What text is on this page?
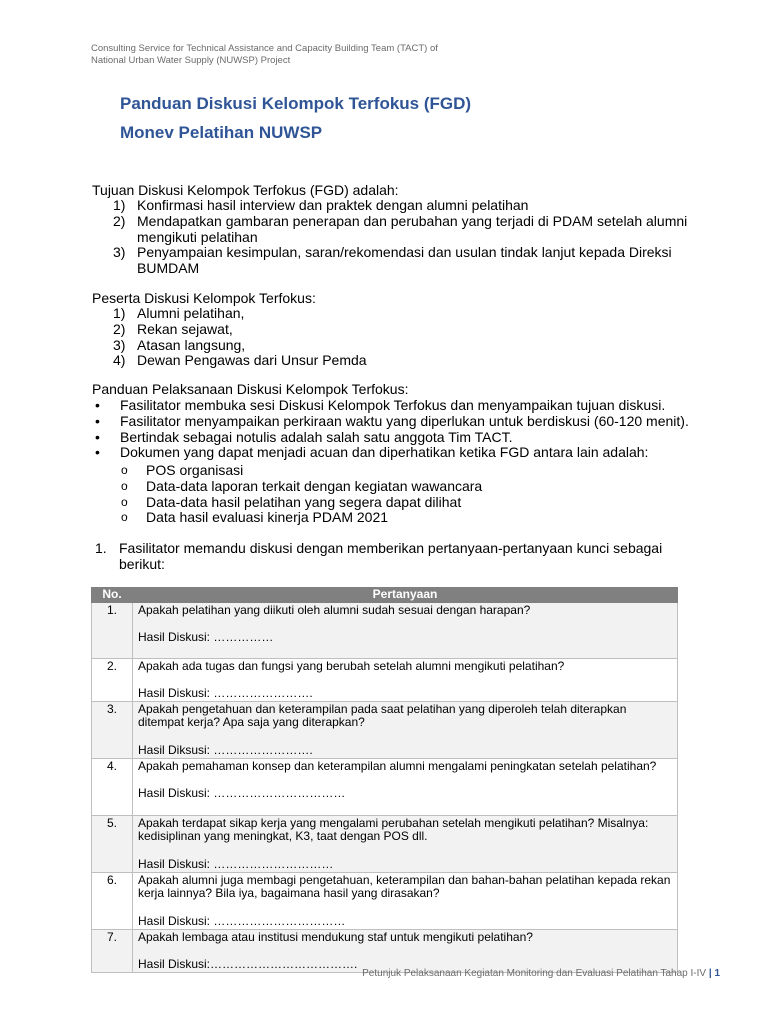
Consulting Service for Technical Assistance and Capacity Building Team (TACT) of
National Urban Water Supply (NUWSP) Project
Panduan Diskusi Kelompok Terfokus (FGD)
Monev Pelatihan NUWSP
Tujuan Diskusi Kelompok Terfokus (FGD) adalah:
1) Konfirmasi hasil interview dan praktek dengan alumni pelatihan
2) Mendapatkan gambaran penerapan dan perubahan yang terjadi di PDAM setelah alumni mengikuti pelatihan
3) Penyampaian kesimpulan, saran/rekomendasi dan usulan tindak lanjut kepada Direksi BUMDAM
Peserta Diskusi Kelompok Terfokus:
1) Alumni pelatihan,
2) Rekan sejawat,
3) Atasan langsung,
4) Dewan Pengawas dari Unsur Pemda
Panduan Pelaksanaan Diskusi Kelompok Terfokus:
•	Fasilitator membuka sesi Diskusi Kelompok Terfokus dan menyampaikan tujuan diskusi.
•	Fasilitator menyampaikan perkiraan waktu yang diperlukan untuk berdiskusi (60-120 menit).
•	Bertindak sebagai notulis adalah salah satu anggota Tim TACT.
•	Dokumen yang dapat menjadi acuan dan diperhatikan ketika FGD antara lain adalah:
o	POS organisasi
o	Data-data laporan terkait dengan kegiatan wawancara
o	Data-data hasil pelatihan yang segera dapat dilihat
o	Data hasil evaluasi kinerja PDAM 2021
1. Fasilitator memandu diskusi dengan memberikan pertanyaan-pertanyaan kunci sebagai berikut:
No.	Pertanyaan
1.	Apakah pelatihan yang diikuti oleh alumni sudah sesuai dengan harapan?
Hasil Diskusi: ……………

2.	Apakah ada tugas dan fungsi yang berubah setelah alumni mengikuti pelatihan?
Hasil Diskusi: …………………….

3.	Apakah pengetahuan dan keterampilan pada saat pelatihan yang diperoleh telah diterapkan ditempat kerja? Apa saja yang diterapkan?
Hasil Diksusi: …………………….

4.	Apakah pemahaman konsep dan keterampilan alumni mengalami peningkatan setelah pelatihan?
Hasil Diskusi: ……………………………

5.	Apakah terdapat sikap kerja yang mengalami perubahan setelah mengikuti pelatihan? Misalnya: kedisiplinan yang meningkat, K3, taat dengan POS dll.
Hasil Diskusi: …………………………

6.	Apakah alumni juga membagi pengetahuan, keterampilan dan bahan-bahan pelatihan kepada rekan kerja lainnya? Bila iya, bagaimana hasil yang dirasakan?
Hasil Diskusi: ……………………………

7.	Apakah lembaga atau institusi mendukung staf untuk mengikuti pelatihan?
Hasil Diskusi:……………………………….
Petunjuk Pelaksanaan Kegiatan Monitoring dan Evaluasi Pelatihan Tahap I-IV | 1
